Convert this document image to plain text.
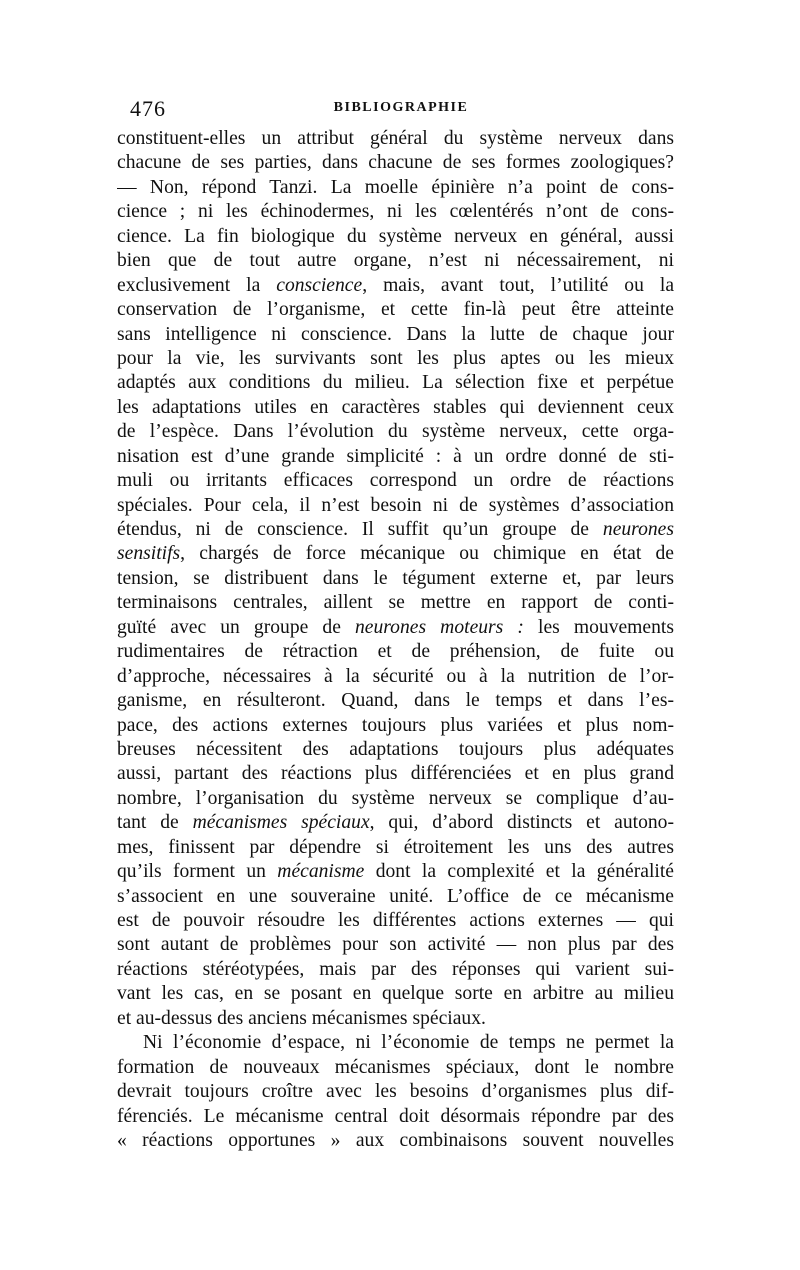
476	BIBLIOGRAPHIE
constituent-elles un attribut général du système nerveux dans
chacune de ses parties, dans chacune de ses formes zoologiques?
— Non, répond Tanzi. La moelle épinière n’a point de cons-
cience ; ni les échinodermes, ni les cœlentérés n’ont de cons-
cience. La fin biologique du système nerveux en général, aussi
bien que de tout autre organe, n’est ni nécessairement, ni
exclusivement la conscience, mais, avant tout, l’utilité ou la
conservation de l’organisme, et cette fin-là peut être atteinte
sans intelligence ni conscience. Dans la lutte de chaque jour
pour la vie, les survivants sont les plus aptes ou les mieux
adaptés aux conditions du milieu. La sélection fixe et perpétue
les adaptations utiles en caractères stables qui deviennent ceux
de l’espèce. Dans l’évolution du système nerveux, cette orga-
nisation est d’une grande simplicité : à un ordre donné de sti-
muli ou irritants efficaces correspond un ordre de réactions
spéciales. Pour cela, il n’est besoin ni de systèmes d’association
étendus, ni de conscience. Il suffit qu’un groupe de neurones
sensitifs, chargés de force mécanique ou chimique en état de
tension, se distribuent dans le tégument externe et, par leurs
terminaisons centrales, aillent se mettre en rapport de conti-
guïté avec un groupe de neurones moteurs : les mouvements
rudimentaires de rétraction et de préhension, de fuite ou
d’approche, nécessaires à la sécurité ou à la nutrition de l’or-
ganisme, en résulteront. Quand, dans le temps et dans l’es-
pace, des actions externes toujours plus variées et plus nom-
breuses nécessitent des adaptations toujours plus adéquates
aussi, partant des réactions plus différenciées et en plus grand
nombre, l’organisation du système nerveux se complique d’au-
tant de mécanismes spéciaux, qui, d’abord distincts et autono-
mes, finissent par dépendre si étroitement les uns des autres
qu’ils forment un mécanisme dont la complexité et la généralité
s’associent en une souveraine unité. L’office de ce mécanisme
est de pouvoir résoudre les différentes actions externes — qui
sont autant de problèmes pour son activité — non plus par des
réactions stéréotypées, mais par des réponses qui varient sui-
vant les cas, en se posant en quelque sorte en arbitre au milieu
et au-dessus des anciens mécanismes spéciaux.
Ni l’économie d’espace, ni l’économie de temps ne permet la
formation de nouveaux mécanismes spéciaux, dont le nombre
devrait toujours croître avec les besoins d’organismes plus dif-
férenciés. Le mécanisme central doit désormais répondre par des
« réactions opportunes » aux combinaisons souvent nouvelles
